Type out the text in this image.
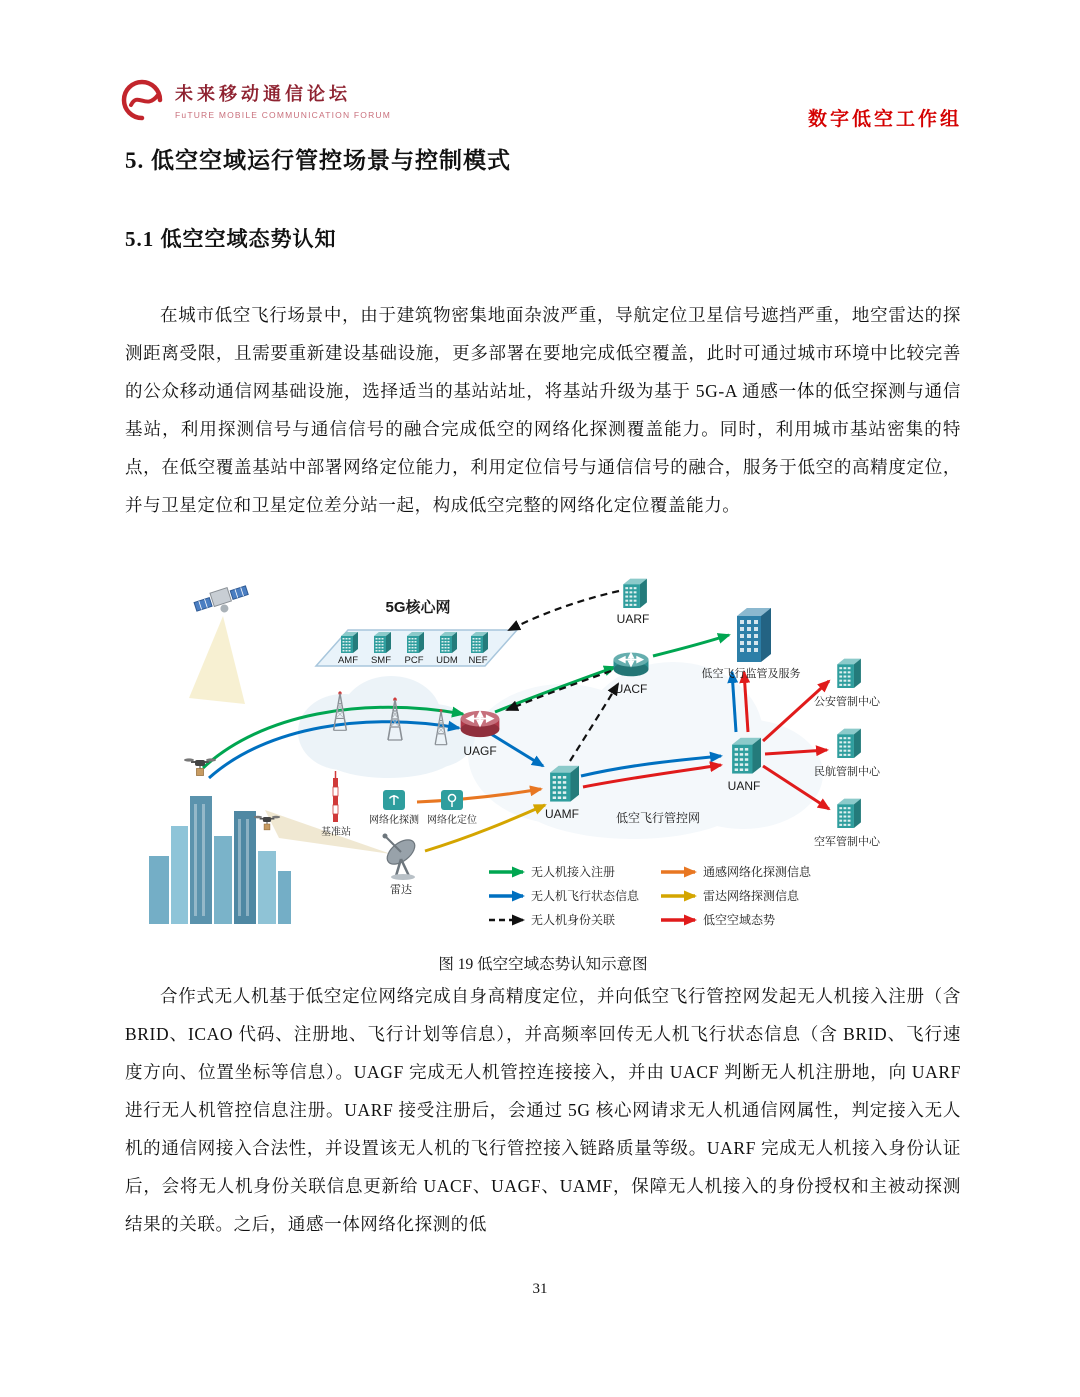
未来移动通信论坛
FuTURE MOBILE COMMUNICATION FORUM	数字低空工作组
5. 低空空域运行管控场景与控制模式
5.1 低空空域态势认知

在城市低空飞行场景中，由于建筑物密集地面杂波严重，导航定位卫星信号遮挡严重，地空雷达的探测距离受限，且需要重新建设基础设施，更多部署在要地完成低空覆盖，此时可通过城市环境中比较完善的公众移动通信网基础设施，选择适当的基站站址，将基站升级为基于 5G-A 通感一体的低空探测与通信基站，利用探测信号与通信信号的融合完成低空的网络化探测覆盖能力。同时，利用城市基站密集的特点，在低空覆盖基站中部署网络定位能力，利用定位信号与通信信号的融合，服务于低空的高精度定位，并与卫星定位和卫星定位差分站一起，构成低空完整的网络化定位覆盖能力。

5G核心网
AMF SMF PCF UDM NEF
UARF
UACF
UAGF
UAMF
UANF
低空飞行监管及服务
公安管制中心
民航管制中心
空军管制中心
网络化探测 网络化定位
基准站
雷达
低空飞行管控网
无人机接入注册
无人机飞行状态信息
无人机身份关联
通感网络化探测信息
雷达网络探测信息
低空空域态势
图 19 低空空域态势认知示意图

合作式无人机基于低空定位网络完成自身高精度定位，并向低空飞行管控网发起无人机接入注册（含 BRID、ICAO 代码、注册地、飞行计划等信息），并高频率回传无人机飞行状态信息（含 BRID、飞行速度方向、位置坐标等信息）。UAGF 完成无人机管控连接接入，并由 UACF 判断无人机注册地，向 UARF 进行无人机管控信息注册。UARF 接受注册后，会通过 5G 核心网请求无人机通信网属性，判定接入无人机的通信网接入合法性，并设置该无人机的飞行管控接入链路质量等级。UARF 完成无人机接入身份认证后，会将无人机身份关联信息更新给 UACF、UAGF、UAMF，保障无人机接入的身份授权和主被动探测结果的关联。之后，通感一体网络化探测的低

31
